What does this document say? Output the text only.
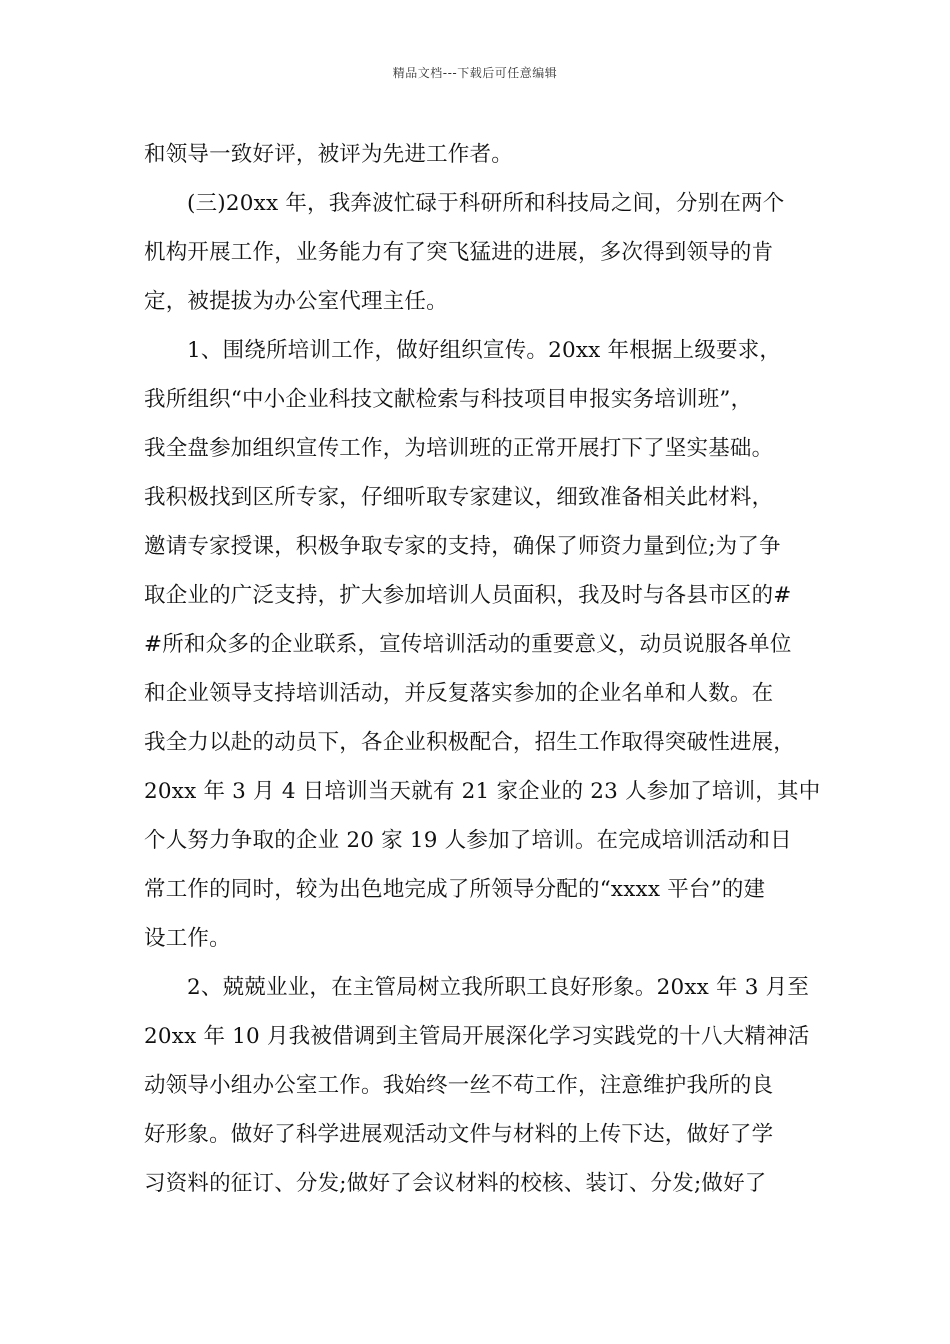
精品文档---下载后可任意编辑
和领导一致好评，被评为先进工作者。
(三)20xx 年，我奔波忙碌于科研所和科技局之间，分别在两个
机构开展工作，业务能力有了突飞猛进的进展，多次得到领导的肯
定，被提拔为办公室代理主任。
1、围绕所培训工作，做好组织宣传。20xx 年根据上级要求，
我所组织“中小企业科技文献检索与科技项目申报实务培训班”，
我全盘参加组织宣传工作，为培训班的正常开展打下了坚实基础。
我积极找到区所专家，仔细听取专家建议，细致准备相关此材料，
邀请专家授课，积极争取专家的支持，确保了师资力量到位;为了争
取企业的广泛支持，扩大参加培训人员面积，我及时与各县市区的#
#所和众多的企业联系，宣传培训活动的重要意义，动员说服各单位
和企业领导支持培训活动，并反复落实参加的企业名单和人数。在
我全力以赴的动员下，各企业积极配合，招生工作取得突破性进展，
20xx 年 3 月 4 日培训当天就有 21 家企业的 23 人参加了培训，其中
个人努力争取的企业 20 家 19 人参加了培训。在完成培训活动和日
常工作的同时，较为出色地完成了所领导分配的“xxxx 平台”的建
设工作。
2、兢兢业业，在主管局树立我所职工良好形象。20xx 年 3 月至
20xx 年 10 月我被借调到主管局开展深化学习实践党的十八大精神活
动领导小组办公室工作。我始终一丝不苟工作，注意维护我所的良
好形象。做好了科学进展观活动文件与材料的上传下达，做好了学
习资料的征订、分发;做好了会议材料的校核、装订、分发;做好了
